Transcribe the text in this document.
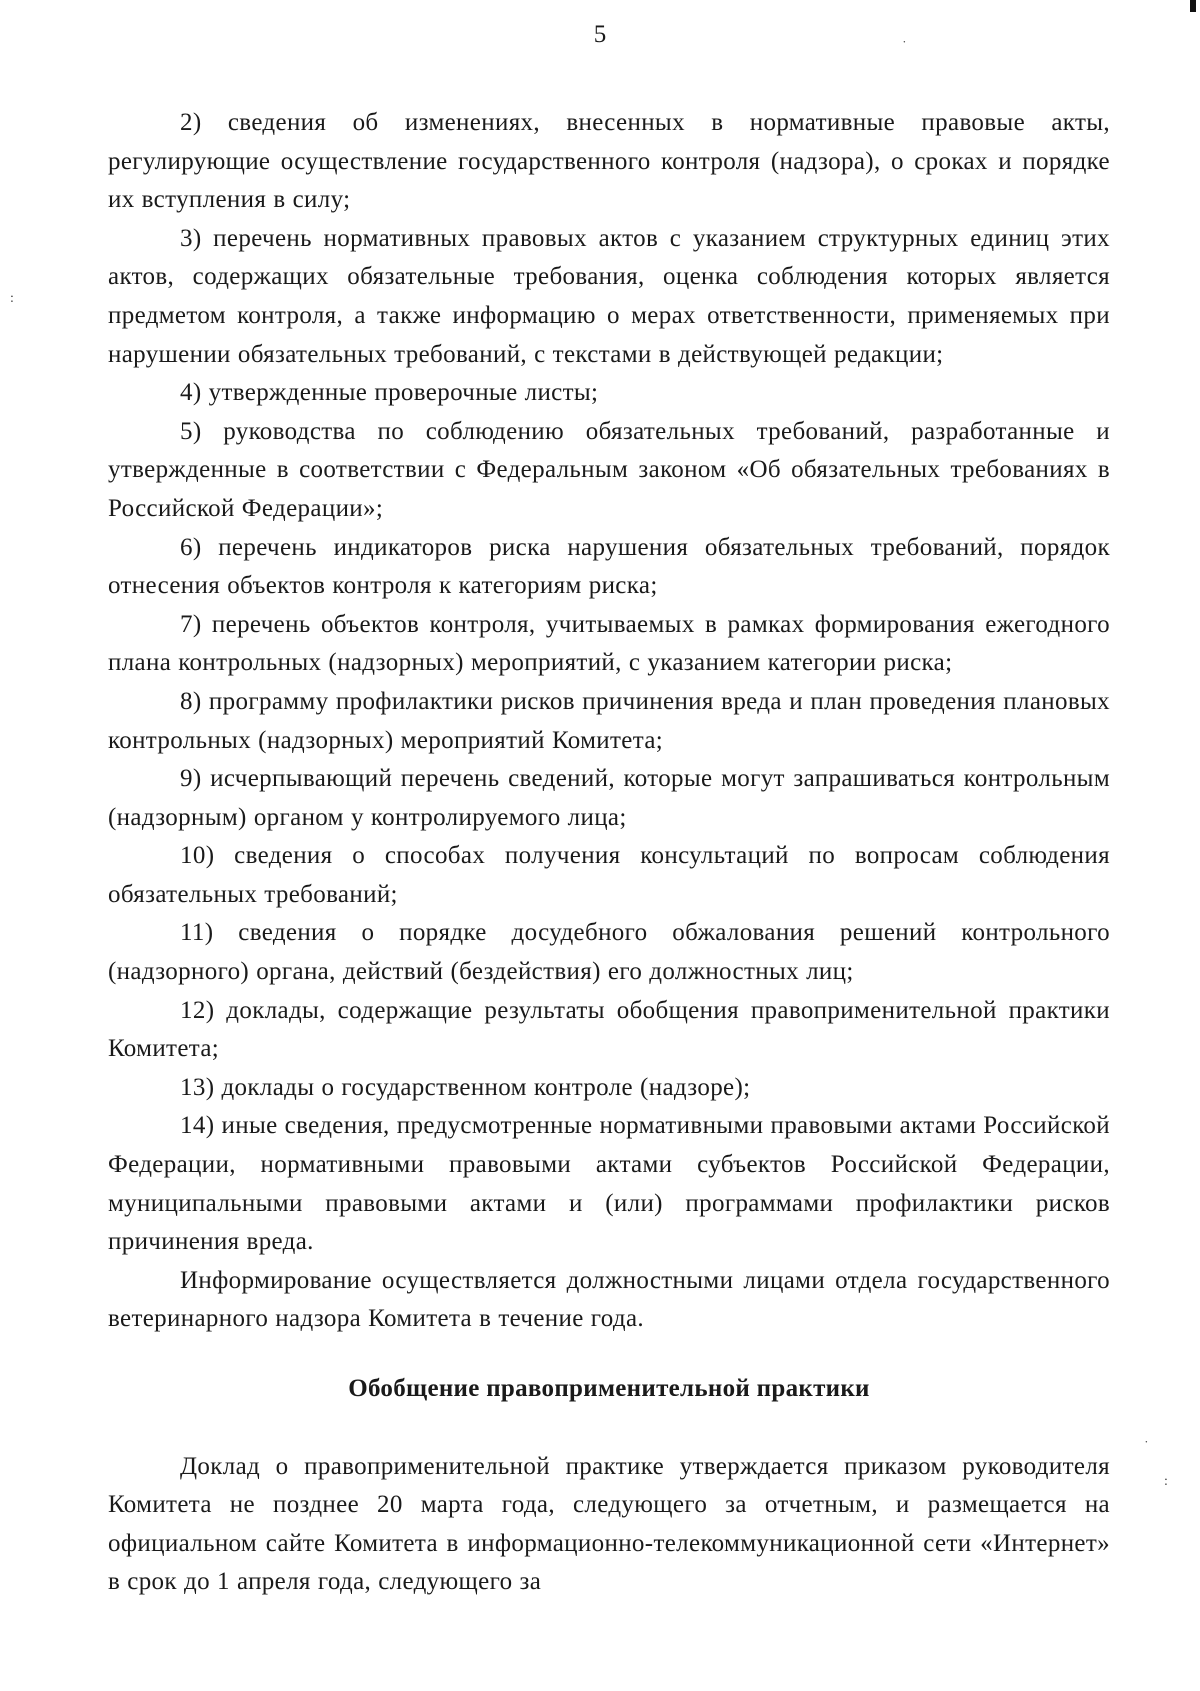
5	˙
:
˙
:

2) сведения об изменениях, внесенных в нормативные правовые акты, регулирующие осуществление государственного контроля (надзора), о сроках и порядке их вступления в силу;

3) перечень нормативных правовых актов с указанием структурных единиц этих актов, содержащих обязательные требования, оценка соблюдения которых является предметом контроля, а также информацию о мерах ответственности, применяемых при нарушении обязательных требований, с текстами в действующей редакции;

4) утвержденные проверочные листы;

5) руководства по соблюдению обязательных требований, разработанные и утвержденные в соответствии с Федеральным законом «Об обязательных требованиях в Российской Федерации»;

6) перечень индикаторов риска нарушения обязательных требований, порядок отнесения объектов контроля к категориям риска;

7) перечень объектов контроля, учитываемых в рамках формирования ежегодного плана контрольных (надзорных) мероприятий, с указанием категории риска;

8) программу профилактики рисков причинения вреда и план проведения плановых контрольных (надзорных) мероприятий Комитета;

9) исчерпывающий перечень сведений, которые могут запрашиваться контрольным (надзорным) органом у контролируемого лица;

10) сведения о способах получения консультаций по вопросам соблюдения обязательных требований;

11) сведения о порядке досудебного обжалования решений контрольного (надзорного) органа, действий (бездействия) его должностных лиц;

12) доклады, содержащие результаты обобщения правоприменительной практики Комитета;

13) доклады о государственном контроле (надзоре);

14) иные сведения, предусмотренные нормативными правовыми актами Российской Федерации, нормативными правовыми актами субъектов Российской Федерации, муниципальными правовыми актами и (или) программами профилактики рисков причинения вреда.

Информирование осуществляется должностными лицами отдела государственного ветеринарного надзора Комитета в течение года.

Обобщение правоприменительной практики

Доклад о правоприменительной практике утверждается приказом руководителя Комитета не позднее 20 марта года, следующего за отчетным, и размещается на официальном сайте Комитета в информационно-телекоммуникационной сети «Интернет» в срок до 1 апреля года, следующего за
